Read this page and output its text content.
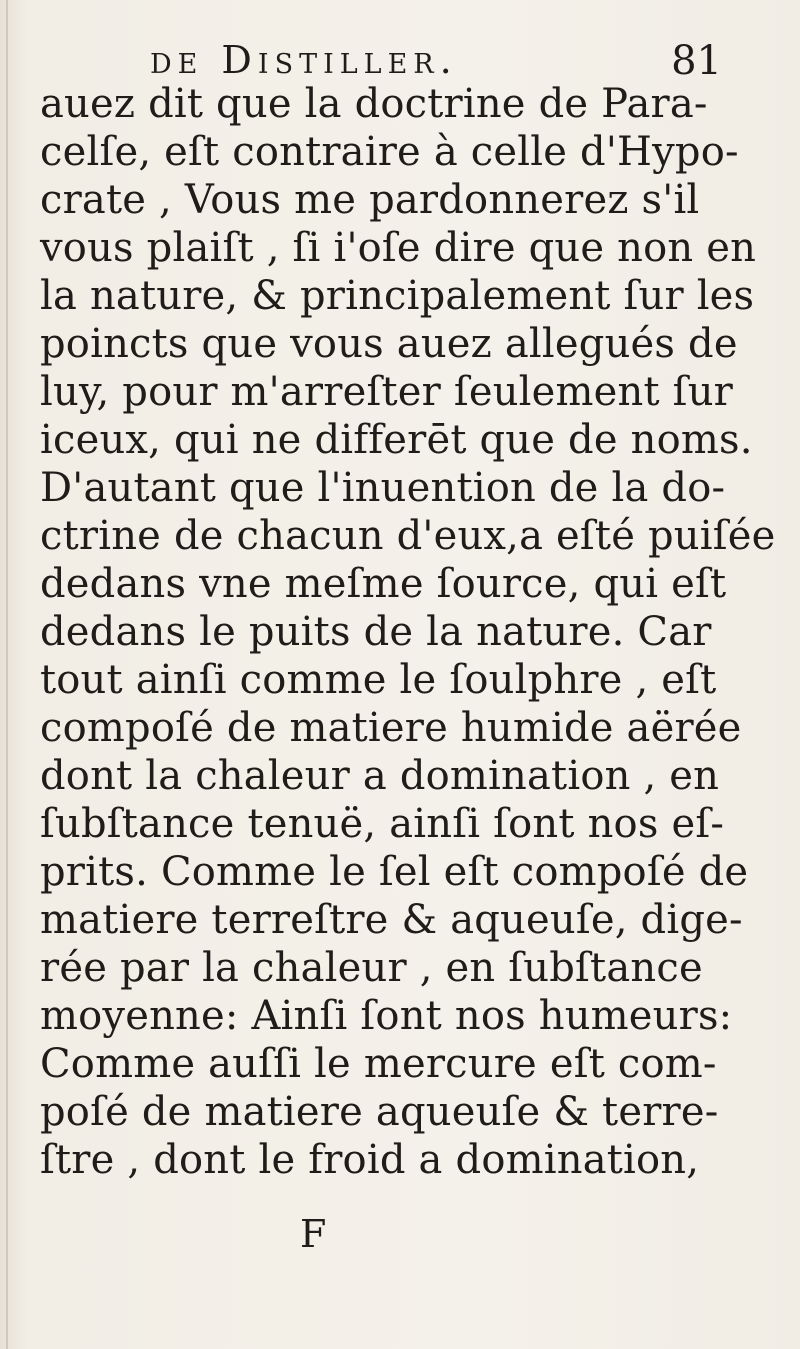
de Distiller.	81
auez dit que la doctrine de Para-
celſe, eſt contraire à celle d'Hypo-
crate , Vous me pardonnerez s'il
vous plaiſt , ſi i'oſe dire que non en
la nature, & principalement ſur les
poincts que vous auez allegués de
luy, pour m'arreſter ſeulement ſur
iceux, qui ne differēt que de noms.
D'autant que l'inuention de la do-
ctrine de chacun d'eux,a eſté puiſée
dedans vne meſme ſource, qui eſt
dedans le puits de la nature. Car
tout ainſi comme le ſoulphre , eſt
compoſé de matiere humide aërée
dont la chaleur a domination , en
ſubſtance tenuë, ainſi ſont nos eſ-
prits. Comme le ſel eſt compoſé de
matiere terreſtre & aqueuſe, dige-
rée par la chaleur , en ſubſtance
moyenne: Ainſi ſont nos humeurs:
Comme auſſi le mercure eſt com-
poſé de matiere aqueuſe & terre-
ſtre , dont le froid a domination,
F
